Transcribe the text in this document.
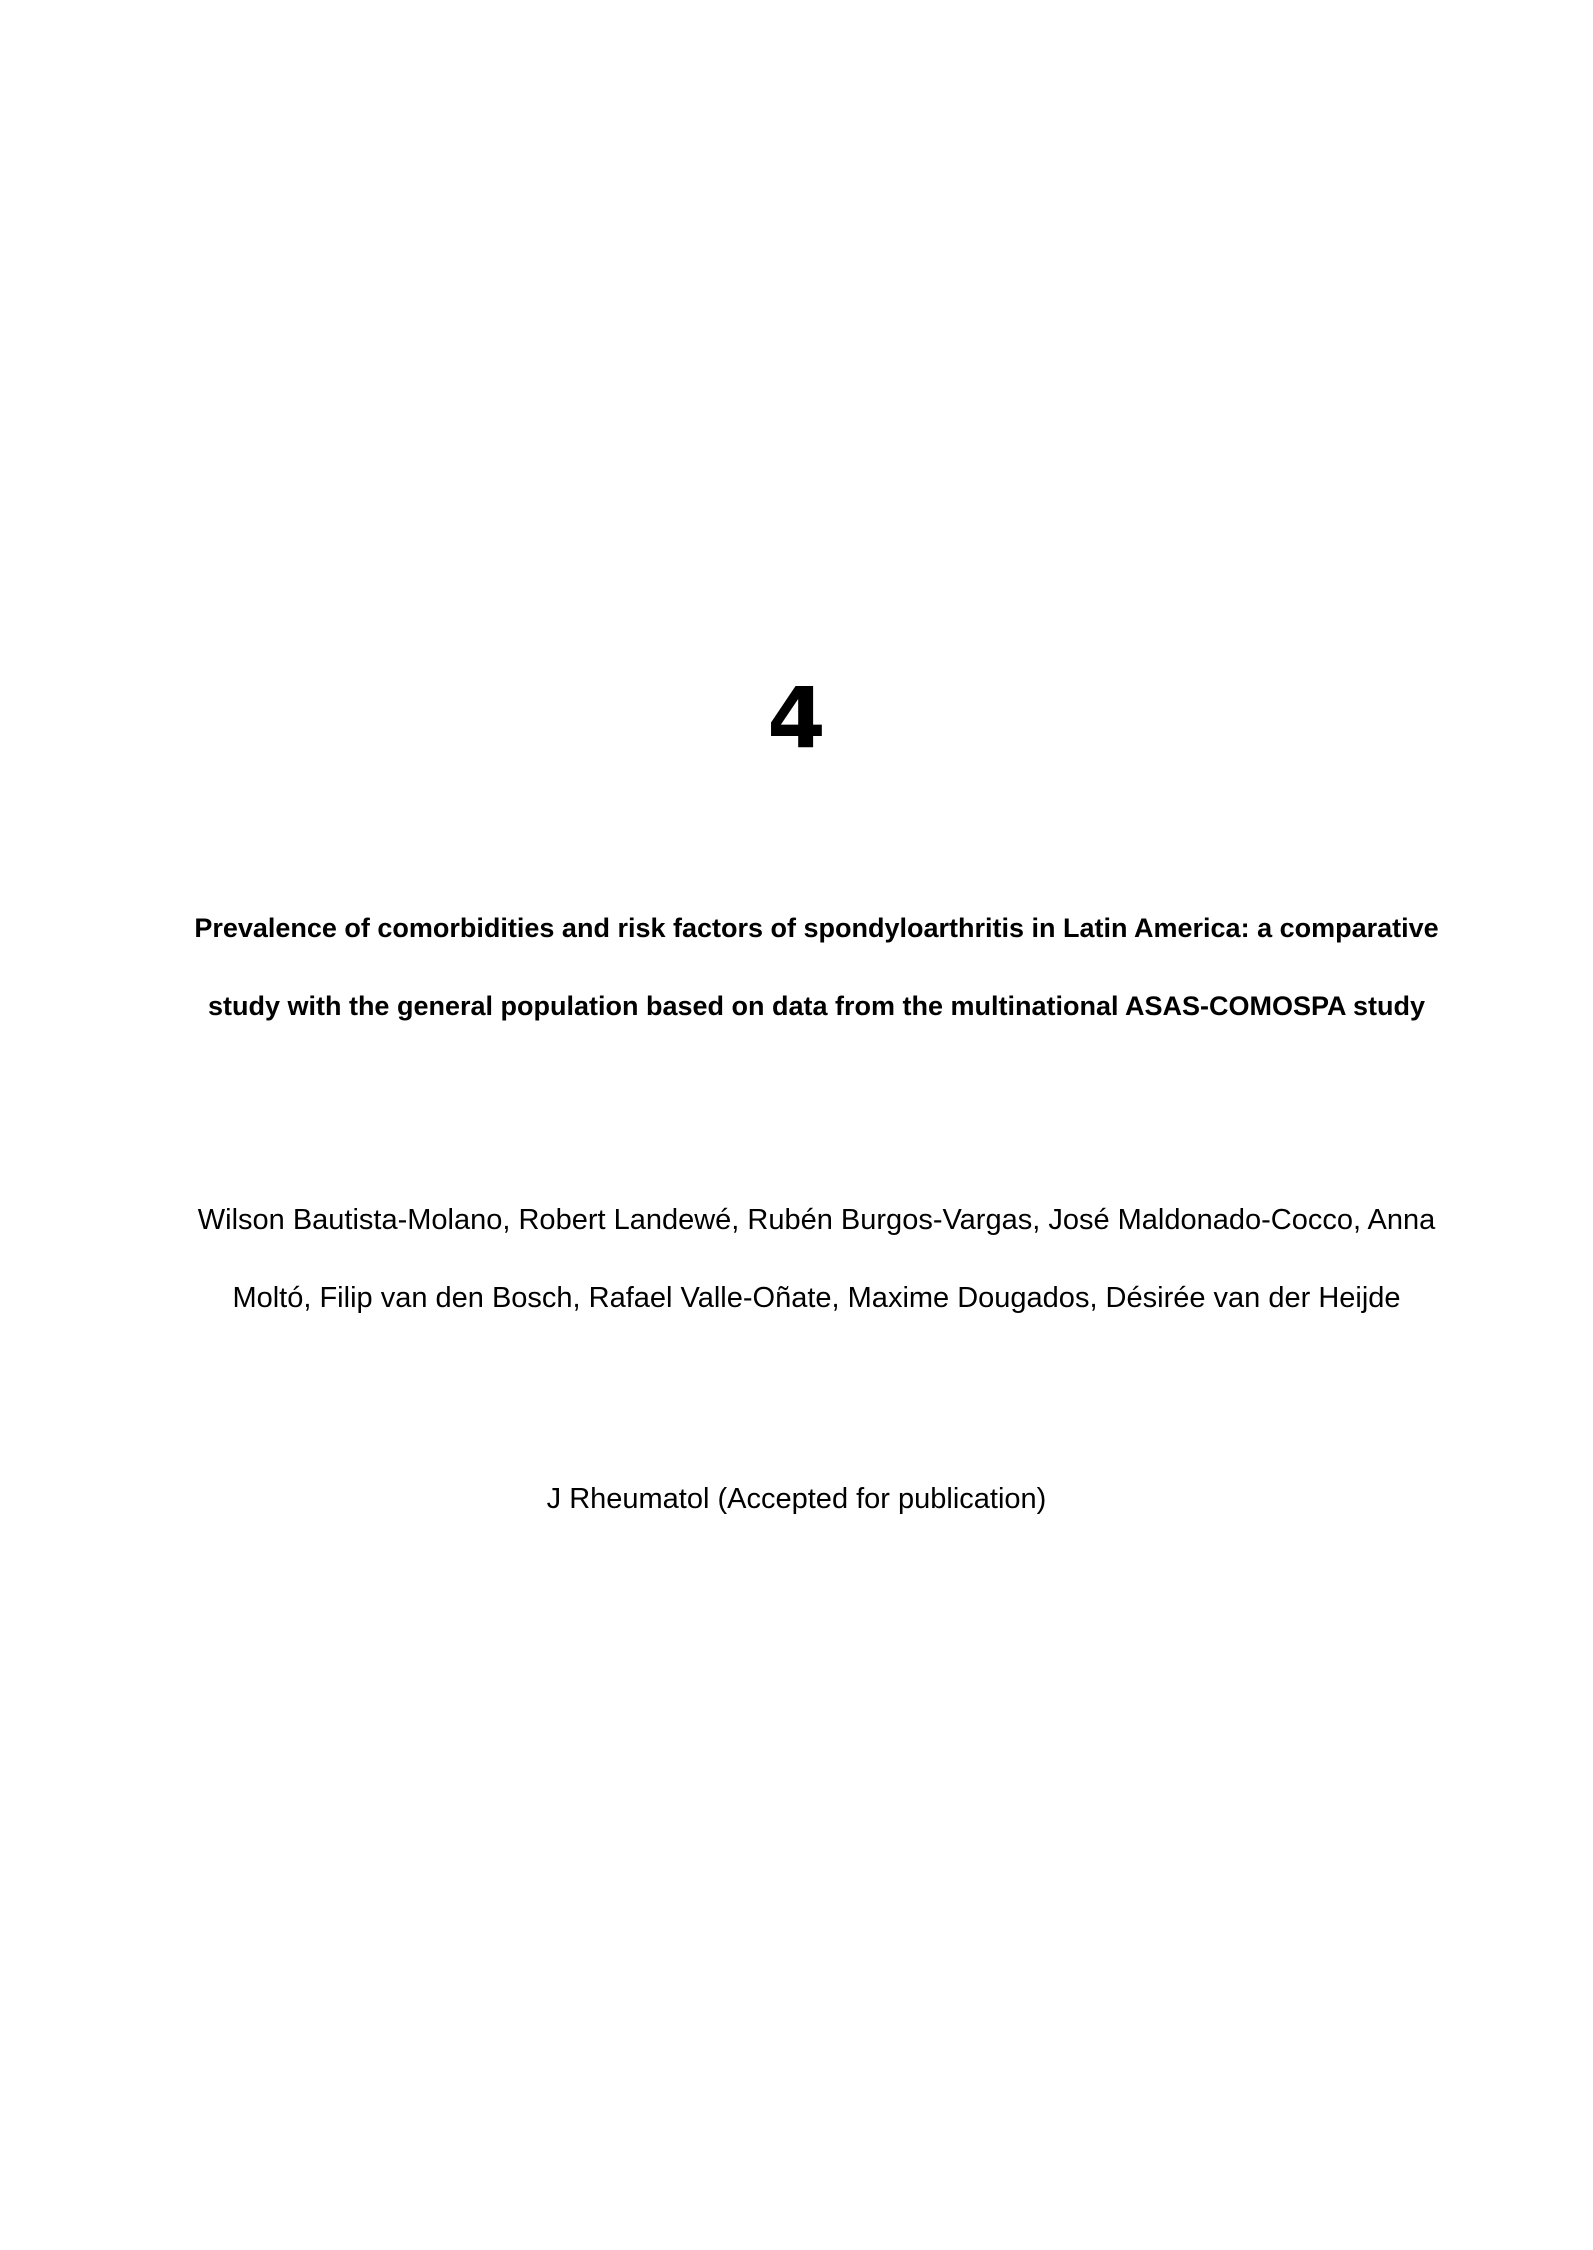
4
Prevalence of comorbidities and risk factors of spondyloarthritis in Latin America: a comparative
study with the general population based on data from the multinational ASAS-COMOSPA study
Wilson Bautista-Molano, Robert Landewé, Rubén Burgos-Vargas, José Maldonado-Cocco, Anna
Moltó, Filip van den Bosch, Rafael Valle-Oñate, Maxime Dougados, Désirée van der Heijde
J Rheumatol (Accepted for publication)
